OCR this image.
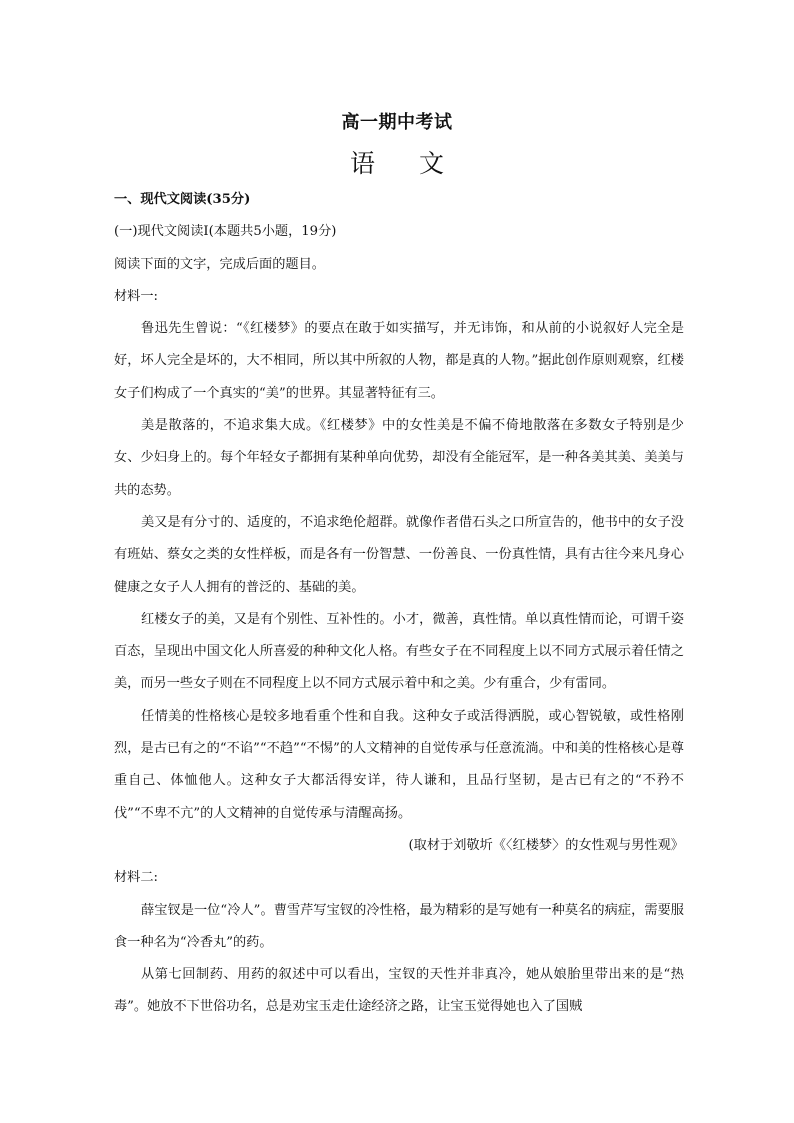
高一期中考试
语 文

一、现代文阅读(35分)

(一)现代文阅读Ⅰ(本题共5小题，19分)

阅读下面的文字，完成后面的题目。

材料一:

鲁迅先生曾说：“《红楼梦》的要点在敢于如实描写，并无讳饰，和从前的小说叙好人完全是好，坏人完全是坏的，大不相同，所以其中所叙的人物，都是真的人物。”据此创作原则观察，红楼女子们构成了一个真实的“美”的世界。其显著特征有三。

美是散落的，不追求集大成。《红楼梦》中的女性美是不偏不倚地散落在多数女子特别是少女、少妇身上的。每个年轻女子都拥有某种单向优势，却没有全能冠军，是一种各美其美、美美与共的态势。

美又是有分寸的、适度的，不追求绝伦超群。就像作者借石头之口所宣告的，他书中的女子没有班姑、蔡女之类的女性样板，而是各有一份智慧、一份善良、一份真性情，具有古往今来凡身心健康之女子人人拥有的普泛的、基础的美。

红楼女子的美，又是有个别性、互补性的。小才，微善，真性情。单以真性情而论，可谓千姿百态，呈现出中国文化人所喜爱的种种文化人格。有些女子在不同程度上以不同方式展示着任情之美，而另一些女子则在不同程度上以不同方式展示着中和之美。少有重合，少有雷同。

任情美的性格核心是较多地看重个性和自我。这种女子或活得洒脱，或心智锐敏，或性格刚烈，是古已有之的“不谄”“不趋”“不惕”的人文精神的自觉传承与任意流淌。中和美的性格核心是尊重自己、体恤他人。这种女子大都活得安详，待人谦和，且品行坚韧，是古已有之的“不矜不伐”“不卑不亢”的人文精神的自觉传承与清醒高扬。

(取材于刘敬圻《〈红楼梦〉的女性观与男性观》

材料二:

薛宝钗是一位“冷人”。曹雪芹写宝钗的冷性格，最为精彩的是写她有一种莫名的病症，需要服食一种名为“冷香丸”的药。

从第七回制药、用药的叙述中可以看出，宝钗的天性并非真冷，她从娘胎里带出来的是“热毒”。她放不下世俗功名，总是劝宝玉走仕途经济之路，让宝玉觉得她也入了国贼
